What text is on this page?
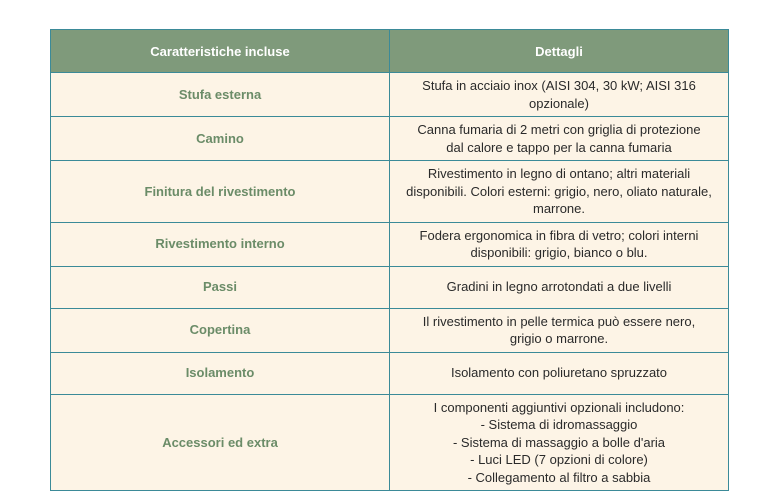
Caratteristiche incluse	Dettagli
Stufa esterna	Stufa in acciaio inox (AISI 304, 30 kW; AISI 316
opzionale)

Camino	Canna fumaria di 2 metri con griglia di protezione
dal calore e tappo per la canna fumaria

Finitura del rivestimento	Rivestimento in legno di ontano; altri materiali
disponibili. Colori esterni: grigio, nero, oliato naturale,
marrone.

Rivestimento interno	Fodera ergonomica in fibra di vetro; colori interni
disponibili: grigio, bianco o blu.

Passi	Gradini in legno arrotondati a due livelli

Copertina	Il rivestimento in pelle termica può essere nero,
grigio o marrone.

Isolamento	Isolamento con poliuretano spruzzato

Accessori ed extra	I componenti aggiuntivi opzionali includono:
- Sistema di idromassaggio
- Sistema di massaggio a bolle d'aria
- Luci LED (7 opzioni di colore)
- Collegamento al filtro a sabbia
